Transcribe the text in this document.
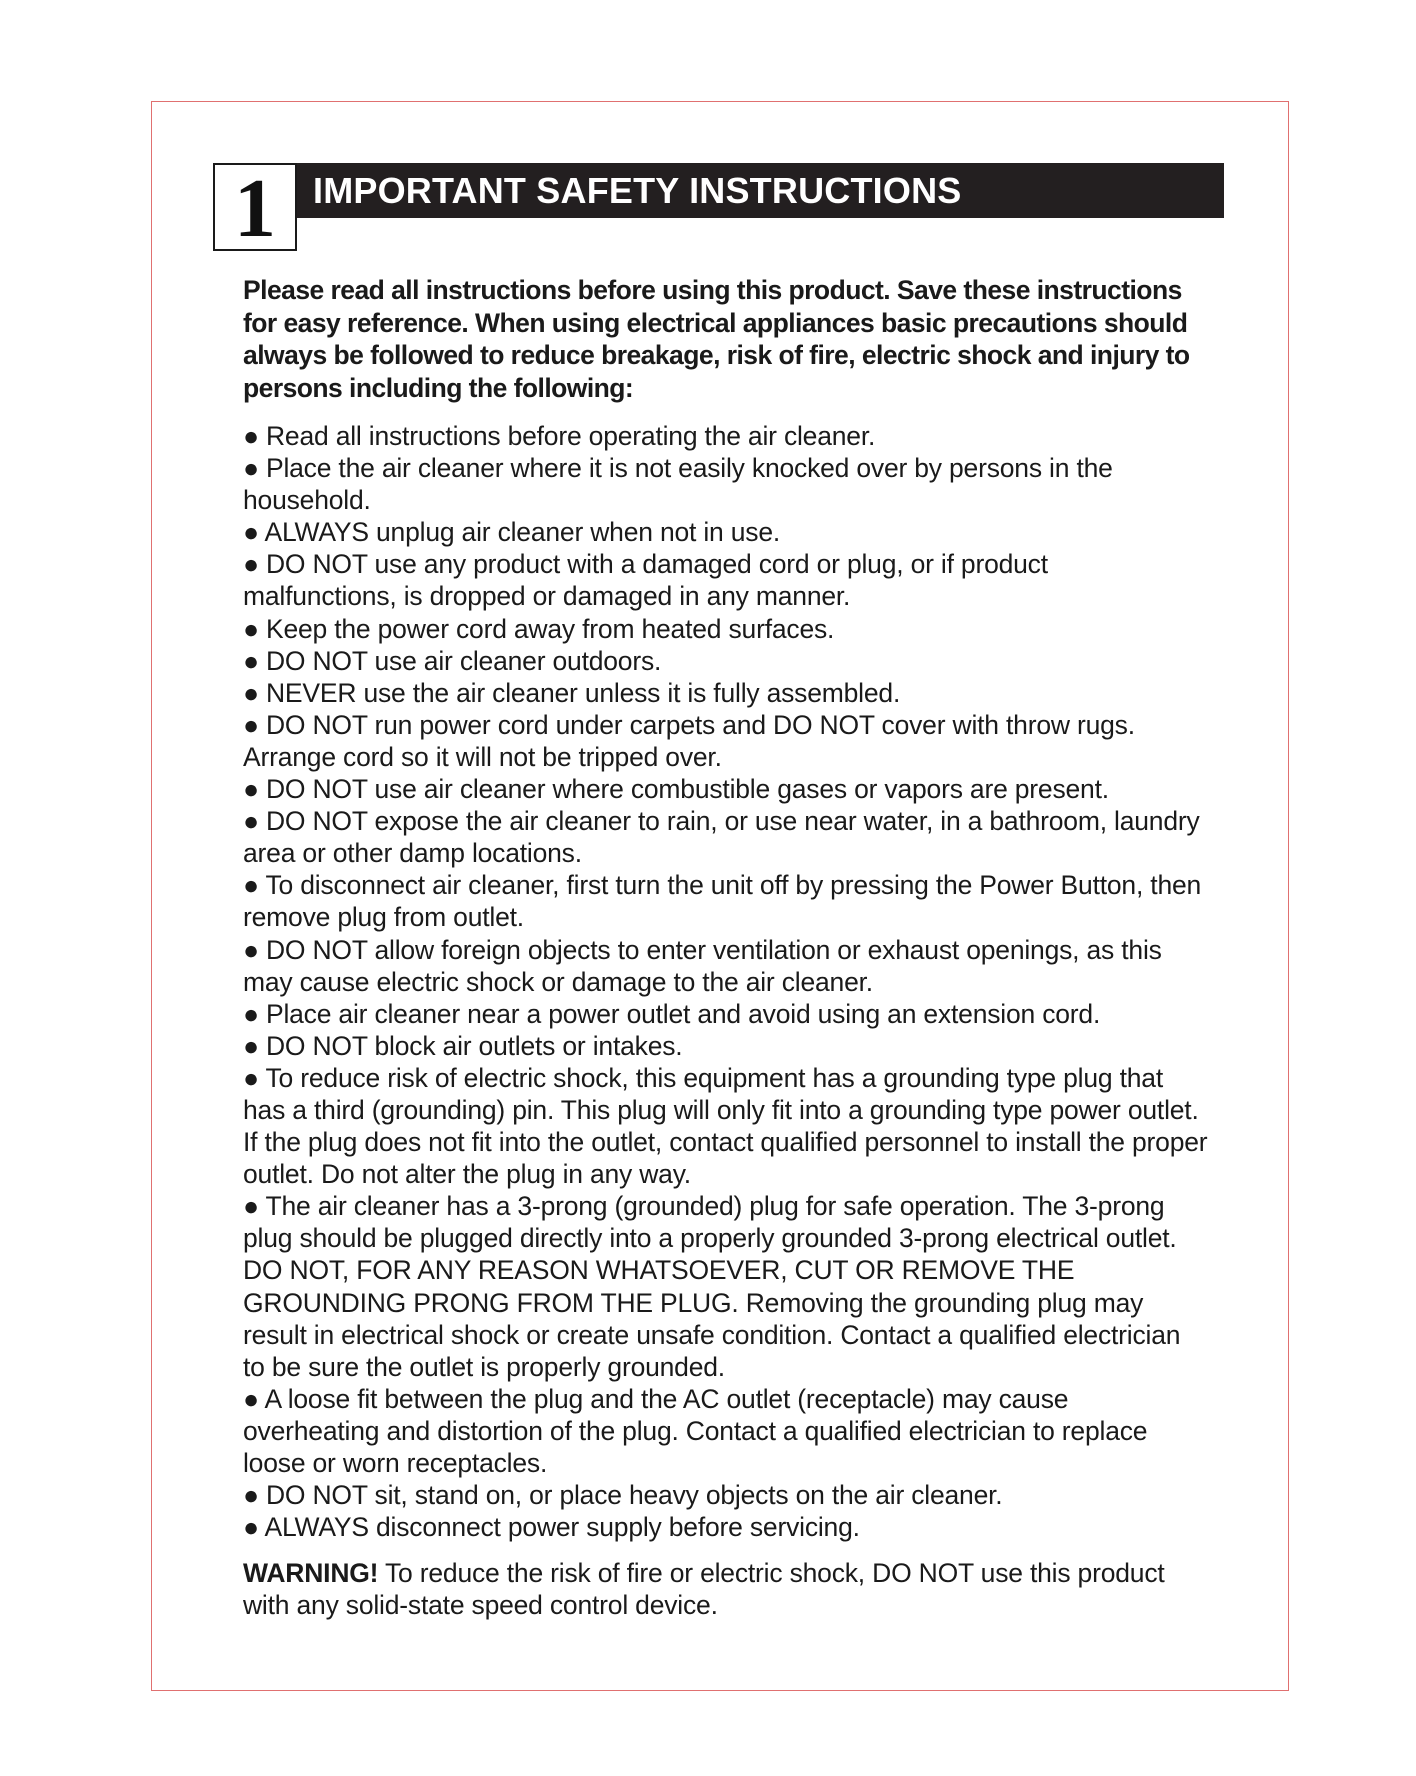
1	IMPORTANT SAFETY INSTRUCTIONS

Please read all instructions before using this product. Save these instructions for easy reference. When using electrical appliances basic precautions should always be followed to reduce breakage, risk of fire, electric shock and injury to persons including the following:

● Read all instructions before operating the air cleaner.

● Place the air cleaner where it is not easily knocked over by persons in the household.

● ALWAYS unplug air cleaner when not in use.

● DO NOT use any product with a damaged cord or plug, or if product malfunctions, is dropped or damaged in any manner.

● Keep the power cord away from heated surfaces.

● DO NOT use air cleaner outdoors.

● NEVER use the air cleaner unless it is fully assembled.

● DO NOT run power cord under carpets and DO NOT cover with throw rugs. Arrange cord so it will not be tripped over.

● DO NOT use air cleaner where combustible gases or vapors are present.

● DO NOT expose the air cleaner to rain, or use near water, in a bathroom, laundry area or other damp locations.

● To disconnect air cleaner, first turn the unit off by pressing the Power Button, then remove plug from outlet.

● DO NOT allow foreign objects to enter ventilation or exhaust openings, as this may cause electric shock or damage to the air cleaner.

● Place air cleaner near a power outlet and avoid using an extension cord.

● DO NOT block air outlets or intakes.

● To reduce risk of electric shock, this equipment has a grounding type plug that has a third (grounding) pin. This plug will only fit into a grounding type power outlet. If the plug does not fit into the outlet, contact qualified personnel to install the proper outlet. Do not alter the plug in any way.

● The air cleaner has a 3-prong (grounded) plug for safe operation. The 3-prong plug should be plugged directly into a properly grounded 3-prong electrical outlet. DO NOT, FOR ANY REASON WHATSOEVER, CUT OR REMOVE THE GROUNDING PRONG FROM THE PLUG. Removing the grounding plug may result in electrical shock or create unsafe condition. Contact a qualified electrician to be sure the outlet is properly grounded.

● A loose fit between the plug and the AC outlet (receptacle) may cause overheating and distortion of the plug. Contact a qualified electrician to replace loose or worn receptacles.

● DO NOT sit, stand on, or place heavy objects on the air cleaner.

● ALWAYS disconnect power supply before servicing.

WARNING! To reduce the risk of fire or electric shock, DO NOT use this product with any solid-state speed control device.
